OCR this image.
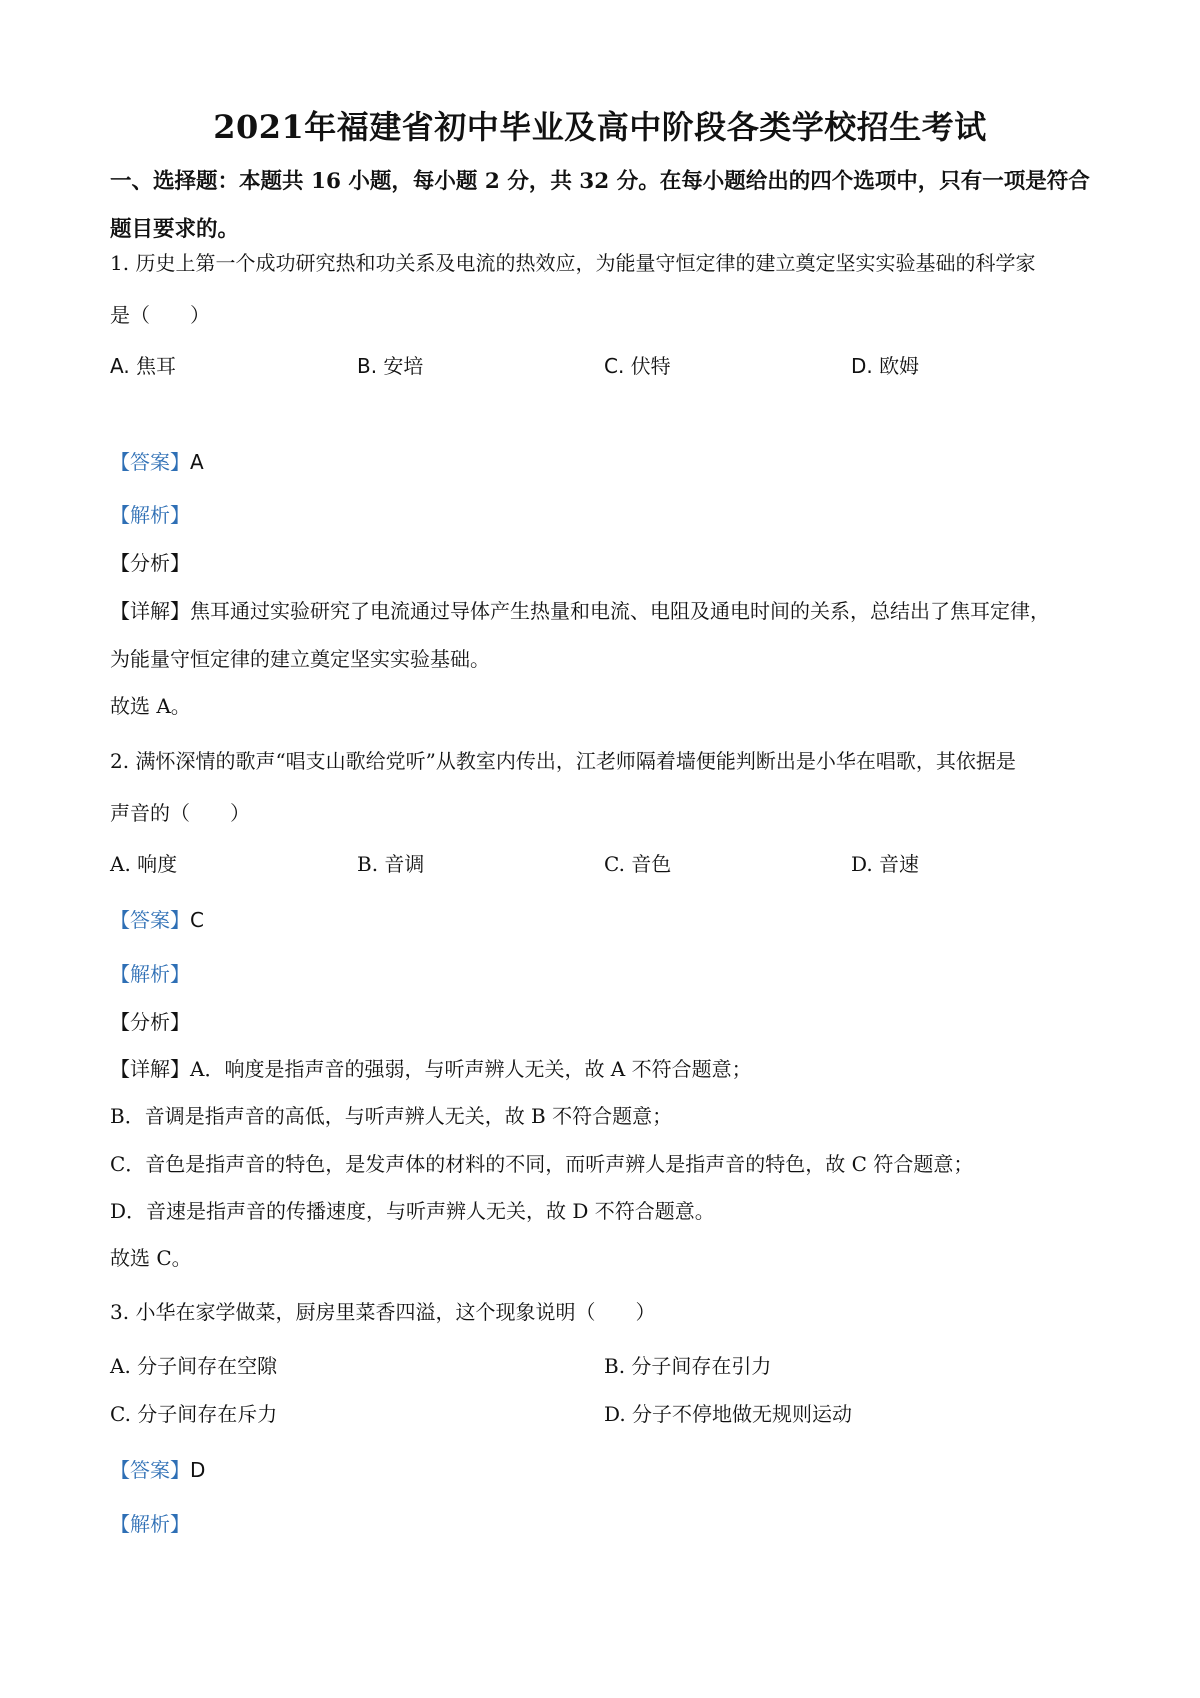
2021年福建省初中毕业及高中阶段各类学校招生考试
一、选择题：本题共 16 小题，每小题 2 分，共 32 分。在每小题给出的四个选项中，只有一项是符合题目要求的。
1. 历史上第一个成功研究热和功关系及电流的热效应，为能量守恒定律的建立奠定坚实实验基础的科学家
是（　　）
A. 焦耳	B. 安培	C. 伏特	D. 欧姆
【答案】A
【解析】
【分析】
【详解】焦耳通过实验研究了电流通过导体产生热量和电流、电阻及通电时间的关系，总结出了焦耳定律，
为能量守恒定律的建立奠定坚实实验基础。
故选 A。
2. 满怀深情的歌声“唱支山歌给党听”从教室内传出，江老师隔着墙便能判断出是小华在唱歌，其依据是
声音的（　　）
A. 响度	B. 音调	C. 音色	D. 音速
【答案】C
【解析】
【分析】
【详解】A．响度是指声音的强弱，与听声辨人无关，故 A 不符合题意；
B．音调是指声音的高低，与听声辨人无关，故 B 不符合题意；
C．音色是指声音的特色，是发声体的材料的不同，而听声辨人是指声音的特色，故 C 符合题意；
D．音速是指声音的传播速度，与听声辨人无关，故 D 不符合题意。
故选 C。
3. 小华在家学做菜，厨房里菜香四溢，这个现象说明（　　）
A. 分子间存在空隙	B. 分子间存在引力
C. 分子间存在斥力	D. 分子不停地做无规则运动
【答案】D
【解析】
